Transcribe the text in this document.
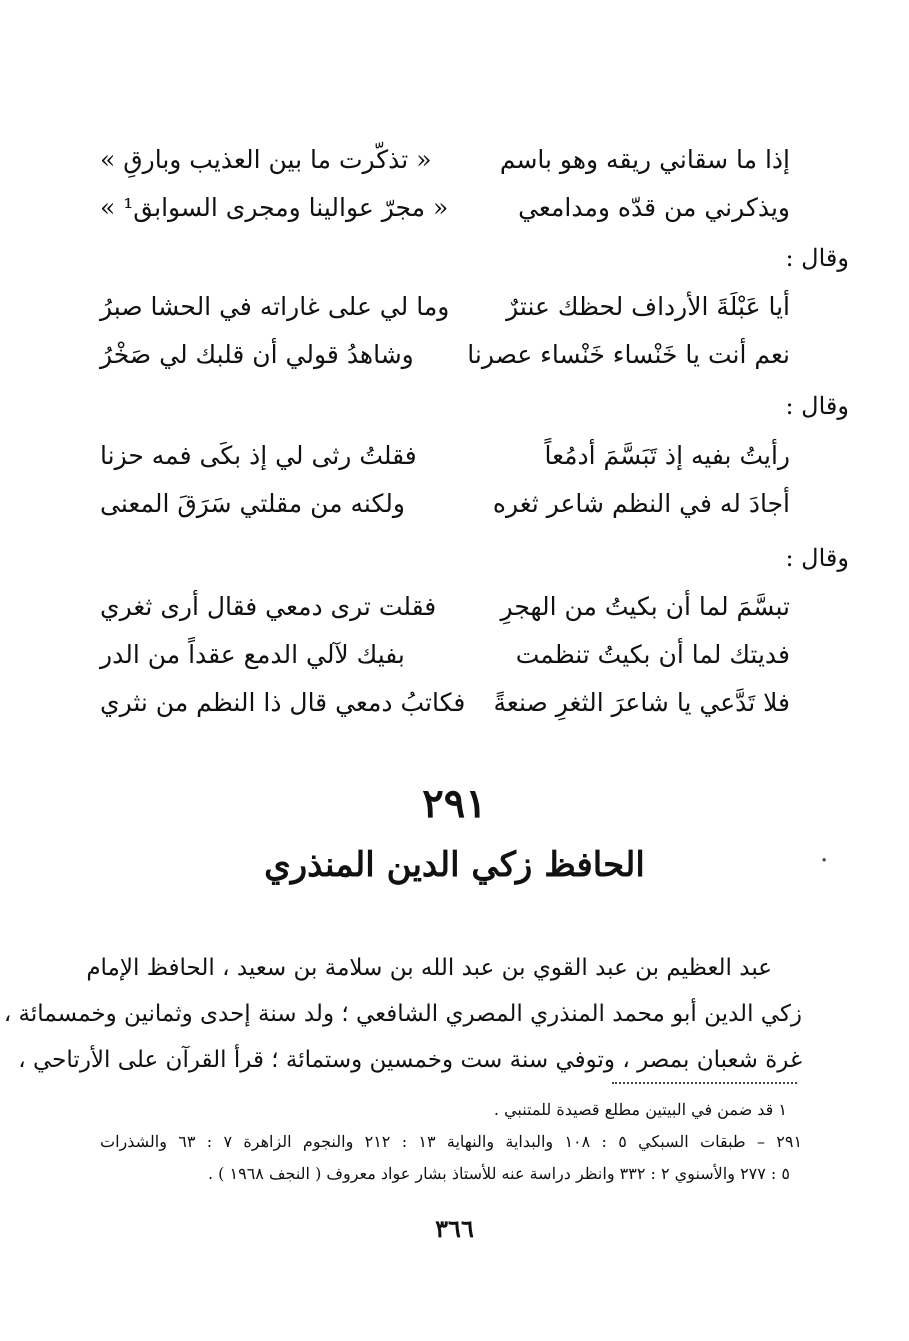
إذا ما سقاني ريقه وهو باسم
« تذكّرت ما بين العذيب وبارقِ »
ويذكرني من قدّه ومدامعي
« مجرّ عوالينا ومجرى السوابق¹ »
وقال :
أيا عَبْلَةَ الأرداف لحظك عنترٌ
وما لي على غاراته في الحشا صبرُ
نعم أنت يا خَنْساء خَنْساء عصرنا
وشاهدُ قولي أن قلبك لي صَخْرُ
وقال :
رأيتُ بفيه إذ تَبَسَّمَ أدمُعاً
فقلتُ رثى لي إذ بكَى فمه حزنا
أجادَ له في النظم شاعر ثغره
ولكنه من مقلتي سَرَقَ المعنى
وقال :
تبسَّمَ لما أن بكيتُ من الهجرِ
فقلت ترى دمعي فقال أرى ثغري
فديتك لما أن بكيتُ تنظمت
بفيك لآلي الدمع عقداً من الدر
فلا تَدَّعي يا شاعرَ الثغرِ صنعةً
فكاتبُ دمعي قال ذا النظم من نثري
٢٩١
الحافظ زكي الدين المنذري	·

عبد العظيم بن عبد القوي بن عبد الله بن سلامة بن سعيد ، الحافظ الإمام

زكي الدين أبو محمد المنذري المصري الشافعي ؛ ولد سنة إحدى وثمانين وخمسمائة ،

غرة شعبان بمصر ، وتوفي سنة ست وخمسين وستمائة ؛ قرأ القرآن على الأرتاحي ،

١ قد ضمن في البيتين مطلع قصيدة للمتنبي .

٢٩١ – طبقات السبكي ٥ : ١٠٨ والبداية والنهاية ١٣ : ٢١٢ والنجوم الزاهرة ٧ : ٦٣ والشذرات

٥ : ٢٧٧ والأسنوي ٢ : ٣٣٢ وانظر دراسة عنه للأستاذ بشار عواد معروف ( النجف ١٩٦٨ ) .

٣٦٦
